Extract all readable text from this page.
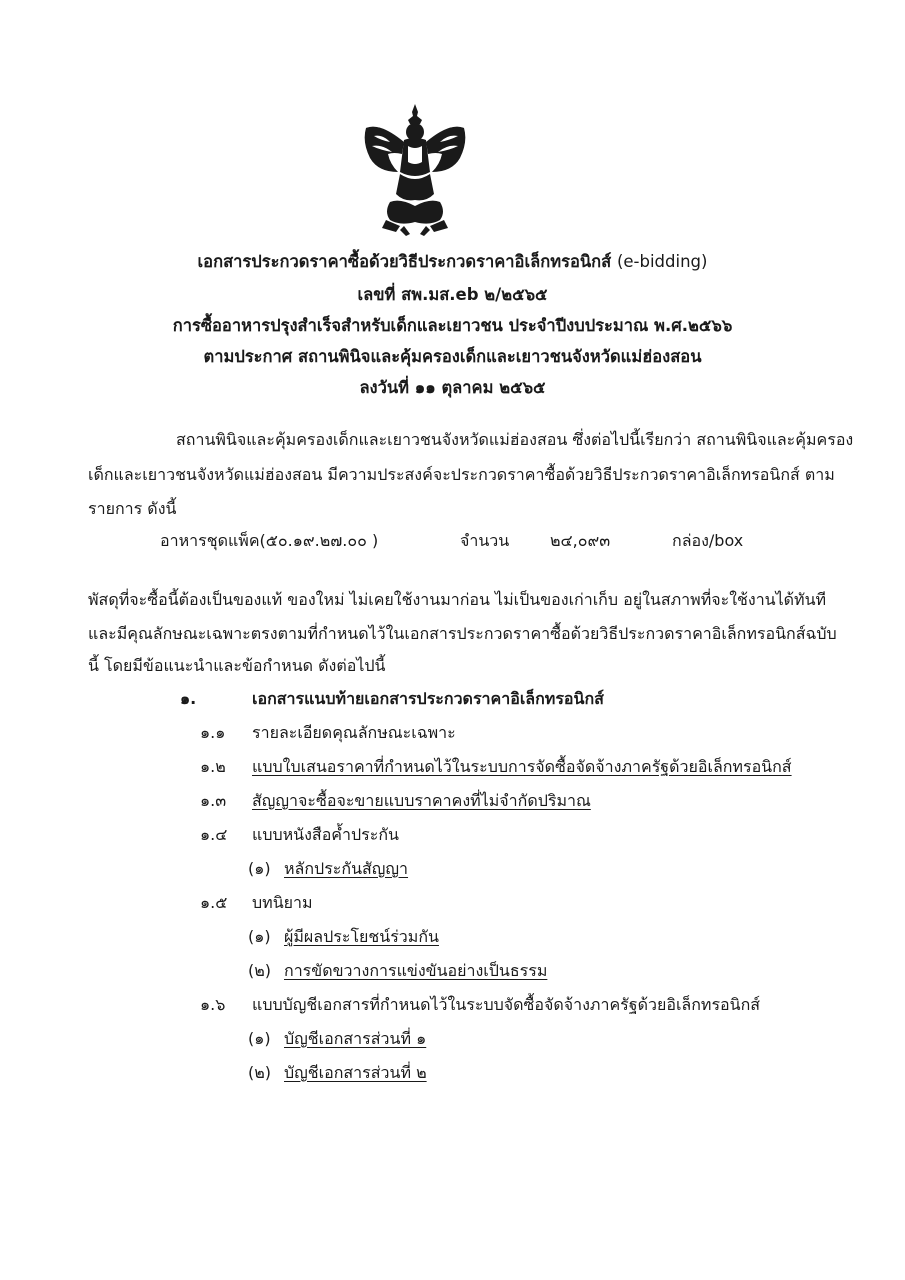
เอกสารประกวดราคาซื้อด้วยวิธีประกวดราคาอิเล็กทรอนิกส์ (e-bidding)
เลขที่ สพ.มส.eb ๒/๒๕๖๕
การซื้ออาหารปรุงสำเร็จสำหรับเด็กและเยาวชน ประจำปีงบประมาณ พ.ศ.๒๕๖๖
ตามประกาศ สถานพินิจและคุ้มครองเด็กและเยาวชนจังหวัดแม่ฮ่องสอน
ลงวันที่ ๑๑ ตุลาคม ๒๕๖๕
สถานพินิจและคุ้มครองเด็กและเยาวชนจังหวัดแม่ฮ่องสอน ซึ่งต่อไปนี้เรียกว่า สถานพินิจและคุ้มครอง
เด็กและเยาวชนจังหวัดแม่ฮ่องสอน มีความประสงค์จะประกวดราคาซื้อด้วยวิธีประกวดราคาอิเล็กทรอนิกส์ ตาม
รายการ ดังนี้
อาหารชุดแพ็ค(๕๐.๑๙.๒๗.๐๐ )	จำนวน	๒๔,๐๙๓	กล่อง/box
พัสดุที่จะซื้อนี้ต้องเป็นของแท้ ของใหม่ ไม่เคยใช้งานมาก่อน ไม่เป็นของเก่าเก็บ อยู่ในสภาพที่จะใช้งานได้ทันที
และมีคุณลักษณะเฉพาะตรงตามที่กำหนดไว้ในเอกสารประกวดราคาซื้อด้วยวิธีประกวดราคาอิเล็กทรอนิกส์ฉบับ
นี้ โดยมีข้อแนะนำและข้อกำหนด ดังต่อไปนี้
๑.	เอกสารแนบท้ายเอกสารประกวดราคาอิเล็กทรอนิกส์
๑.๑ รายละเอียดคุณลักษณะเฉพาะ
๑.๒ แบบใบเสนอราคาที่กำหนดไว้ในระบบการจัดซื้อจัดจ้างภาครัฐด้วยอิเล็กทรอนิกส์
๑.๓ สัญญาจะซื้อจะขายแบบราคาคงที่ไม่จำกัดปริมาณ
๑.๔ แบบหนังสือค้ำประกัน
(๑) หลักประกันสัญญา
๑.๕ บทนิยาม
(๑) ผู้มีผลประโยชน์ร่วมกัน
(๒) การขัดขวางการแข่งขันอย่างเป็นธรรม
๑.๖ แบบบัญชีเอกสารที่กำหนดไว้ในระบบจัดซื้อจัดจ้างภาครัฐด้วยอิเล็กทรอนิกส์
(๑) บัญชีเอกสารส่วนที่ ๑
(๒) บัญชีเอกสารส่วนที่ ๒
